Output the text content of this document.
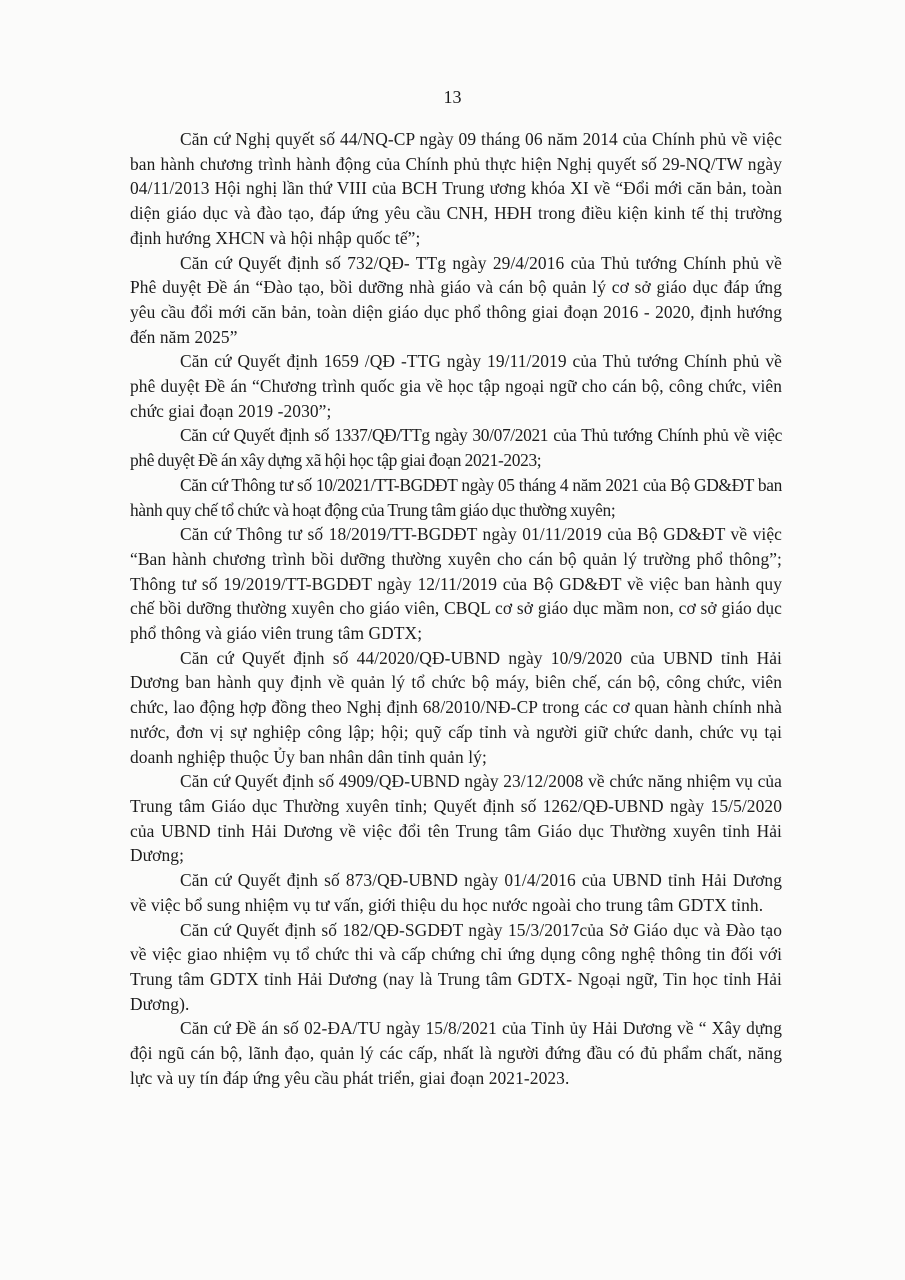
13

Căn cứ Nghị quyết số 44/NQ-CP ngày 09 tháng 06 năm 2014 của Chính phủ về việc ban hành chương trình hành động của Chính phủ thực hiện Nghị quyết số 29-NQ/TW ngày 04/11/2013 Hội nghị lần thứ VIII của BCH Trung ương khóa XI về “Đổi mới căn bản, toàn diện giáo dục và đào tạo, đáp ứng yêu cầu CNH, HĐH trong điều kiện kinh tế thị trường định hướng XHCN và hội nhập quốc tế”;

Căn cứ Quyết định số 732/QĐ- TTg ngày 29/4/2016 của Thủ tướng Chính phủ về Phê duyệt Đề án “Đào tạo, bồi dưỡng nhà giáo và cán bộ quản lý cơ sở giáo dục đáp ứng yêu cầu đổi mới căn bản, toàn diện giáo dục phổ thông giai đoạn 2016 - 2020, định hướng đến năm 2025”

Căn cứ Quyết định 1659 /QĐ -TTG ngày 19/11/2019 của Thủ tướng Chính phủ về phê duyệt Đề án “Chương trình quốc gia về học tập ngoại ngữ cho cán bộ, công chức, viên chức giai đoạn 2019 -2030”;

Căn cứ Quyết định số 1337/QĐ/TTg ngày 30/07/2021 của Thủ tướng Chính phủ về việc phê duyệt Đề án xây dựng xã hội học tập giai đoạn 2021-2023;

Căn cứ Thông tư số 10/2021/TT-BGDĐT ngày 05 tháng 4 năm 2021 của Bộ GD&ĐT ban hành quy chế tổ chức và hoạt động của Trung tâm giáo dục thường xuyên;

Căn cứ Thông tư số 18/2019/TT-BGDĐT ngày 01/11/2019 của Bộ GD&ĐT về việc “Ban hành chương trình bồi dưỡng thường xuyên cho cán bộ quản lý trường phổ thông”; Thông tư số 19/2019/TT-BGDĐT ngày 12/11/2019 của Bộ GD&ĐT về việc ban hành quy chế bồi dưỡng thường xuyên cho giáo viên, CBQL cơ sở giáo dục mầm non, cơ sở giáo dục phổ thông và giáo viên trung tâm GDTX;

Căn cứ Quyết định số 44/2020/QĐ-UBND ngày 10/9/2020 của UBND tỉnh Hải Dương ban hành quy định về quản lý tổ chức bộ máy, biên chế, cán bộ, công chức, viên chức, lao động hợp đồng theo Nghị định 68/2010/NĐ-CP trong các cơ quan hành chính nhà nước, đơn vị sự nghiệp công lập; hội; quỹ cấp tỉnh và người giữ chức danh, chức vụ tại doanh nghiệp thuộc Ủy ban nhân dân tỉnh quản lý;

Căn cứ Quyết định số 4909/QĐ-UBND ngày 23/12/2008 về chức năng nhiệm vụ của Trung tâm Giáo dục Thường xuyên tỉnh; Quyết định số 1262/QĐ-UBND ngày 15/5/2020 của UBND tỉnh Hải Dương về việc đổi tên Trung tâm Giáo dục Thường xuyên tỉnh Hải Dương;

Căn cứ Quyết định số 873/QĐ-UBND ngày 01/4/2016 của UBND tỉnh Hải Dương về việc bổ sung nhiệm vụ tư vấn, giới thiệu du học nước ngoài cho trung tâm GDTX tỉnh.

Căn cứ Quyết định số 182/QĐ-SGDĐT ngày 15/3/2017của Sở Giáo dục và Đào tạo về việc giao nhiệm vụ tổ chức thi và cấp chứng chỉ ứng dụng công nghệ thông tin đối với Trung tâm GDTX tỉnh Hải Dương (nay là Trung tâm GDTX- Ngoại ngữ, Tin học tỉnh Hải Dương).

Căn cứ Đề án số 02-ĐA/TU ngày 15/8/2021 của Tỉnh ủy Hải Dương về “ Xây dựng đội ngũ cán bộ, lãnh đạo, quản lý các cấp, nhất là người đứng đầu có đủ phẩm chất, năng lực và uy tín đáp ứng yêu cầu phát triển, giai đoạn 2021-2023.
